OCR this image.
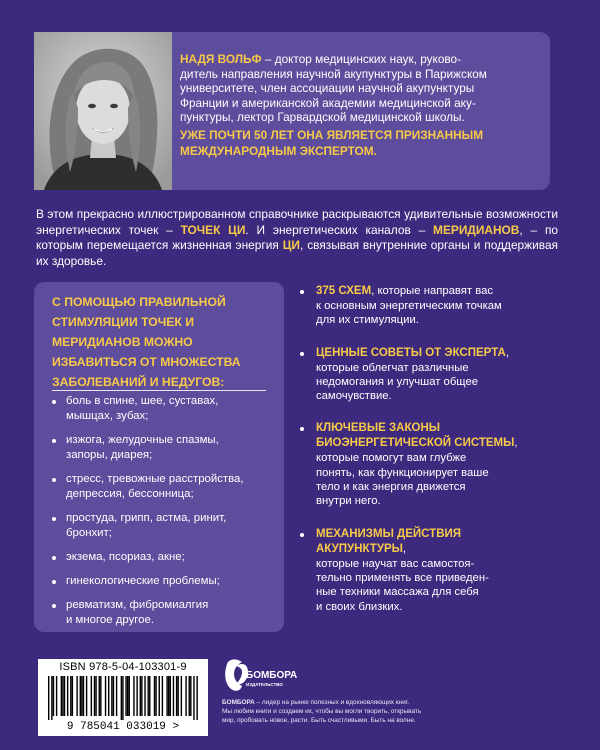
НАДЯ ВОЛЬФ – доктор медицинских наук, руково-
дитель направления научной акупунктуры в Парижском
университете, член ассоциации научной акупунктуры
Франции и американской академии медицинской аку-
пунктуры, лектор Гарвардской медицинской школы.
УЖЕ ПОЧТИ 50 ЛЕТ ОНА ЯВЛЯЕТСЯ ПРИЗНАННЫМ
МЕЖДУНАРОДНЫМ ЭКСПЕРТОМ.
В этом прекрасно иллюстрированном справочнике раскрываются удивительные возможности энергетических точек – ТОЧЕК ЦИ. И энергетических каналов – МЕРИДИАНОВ, – по которым перемещается жизненная энергия ЦИ, связывая внутренние органы и поддерживая их здоровье.
С ПОМОЩЬЮ ПРАВИЛЬНОЙ
СТИМУЛЯЦИИ ТОЧЕК И
МЕРИДИАНОВ МОЖНО
ИЗБАВИТЬСЯ ОТ МНОЖЕСТВА
ЗАБОЛЕВАНИЙ И НЕДУГОВ:
боль в спине, шее, суставах,
мышцах, зубах;
изжога, желудочные спазмы,
запоры, диарея;
стресс, тревожные расстройства,
депрессия, бессонница;
простуда, грипп, астма, ринит,
бронхит;
экзема, псориаз, акне;
гинекологические проблемы;
ревматизм, фибромиалгия
и многое другое.
375 СХЕМ, которые направят вас
к основным энергетическим точкам
для их стимуляции.
ЦЕННЫЕ СОВЕТЫ ОТ ЭКСПЕРТА,
которые облегчат различные
недомогания и улучшат общее
самочувствие.
КЛЮЧЕВЫЕ ЗАКОНЫ
БИОЭНЕРГЕТИЧЕСКОЙ СИСТЕМЫ,
которые помогут вам глубже
понять, как функционирует ваше
тело и как энергия движется
внутри него.
МЕХАНИЗМЫ ДЕЙСТВИЯ
АКУПУНКТУРЫ,
которые научат вас самостоя-
тельно применять все приведен-
ные техники массажа для себя
и своих близких.
ISBN 978-5-04-103301-9
9 785041 033019 >
БОМБОРА
ИЗДАТЕЛЬСТВО
БОМБОРА – лидер на рынке полезных и вдохновляющих книг.
Мы любим книги и создаем их, чтобы вы могли творить, открывать
мир, пробовать новое, расти. Быть счастливыми. Быть на волне.
